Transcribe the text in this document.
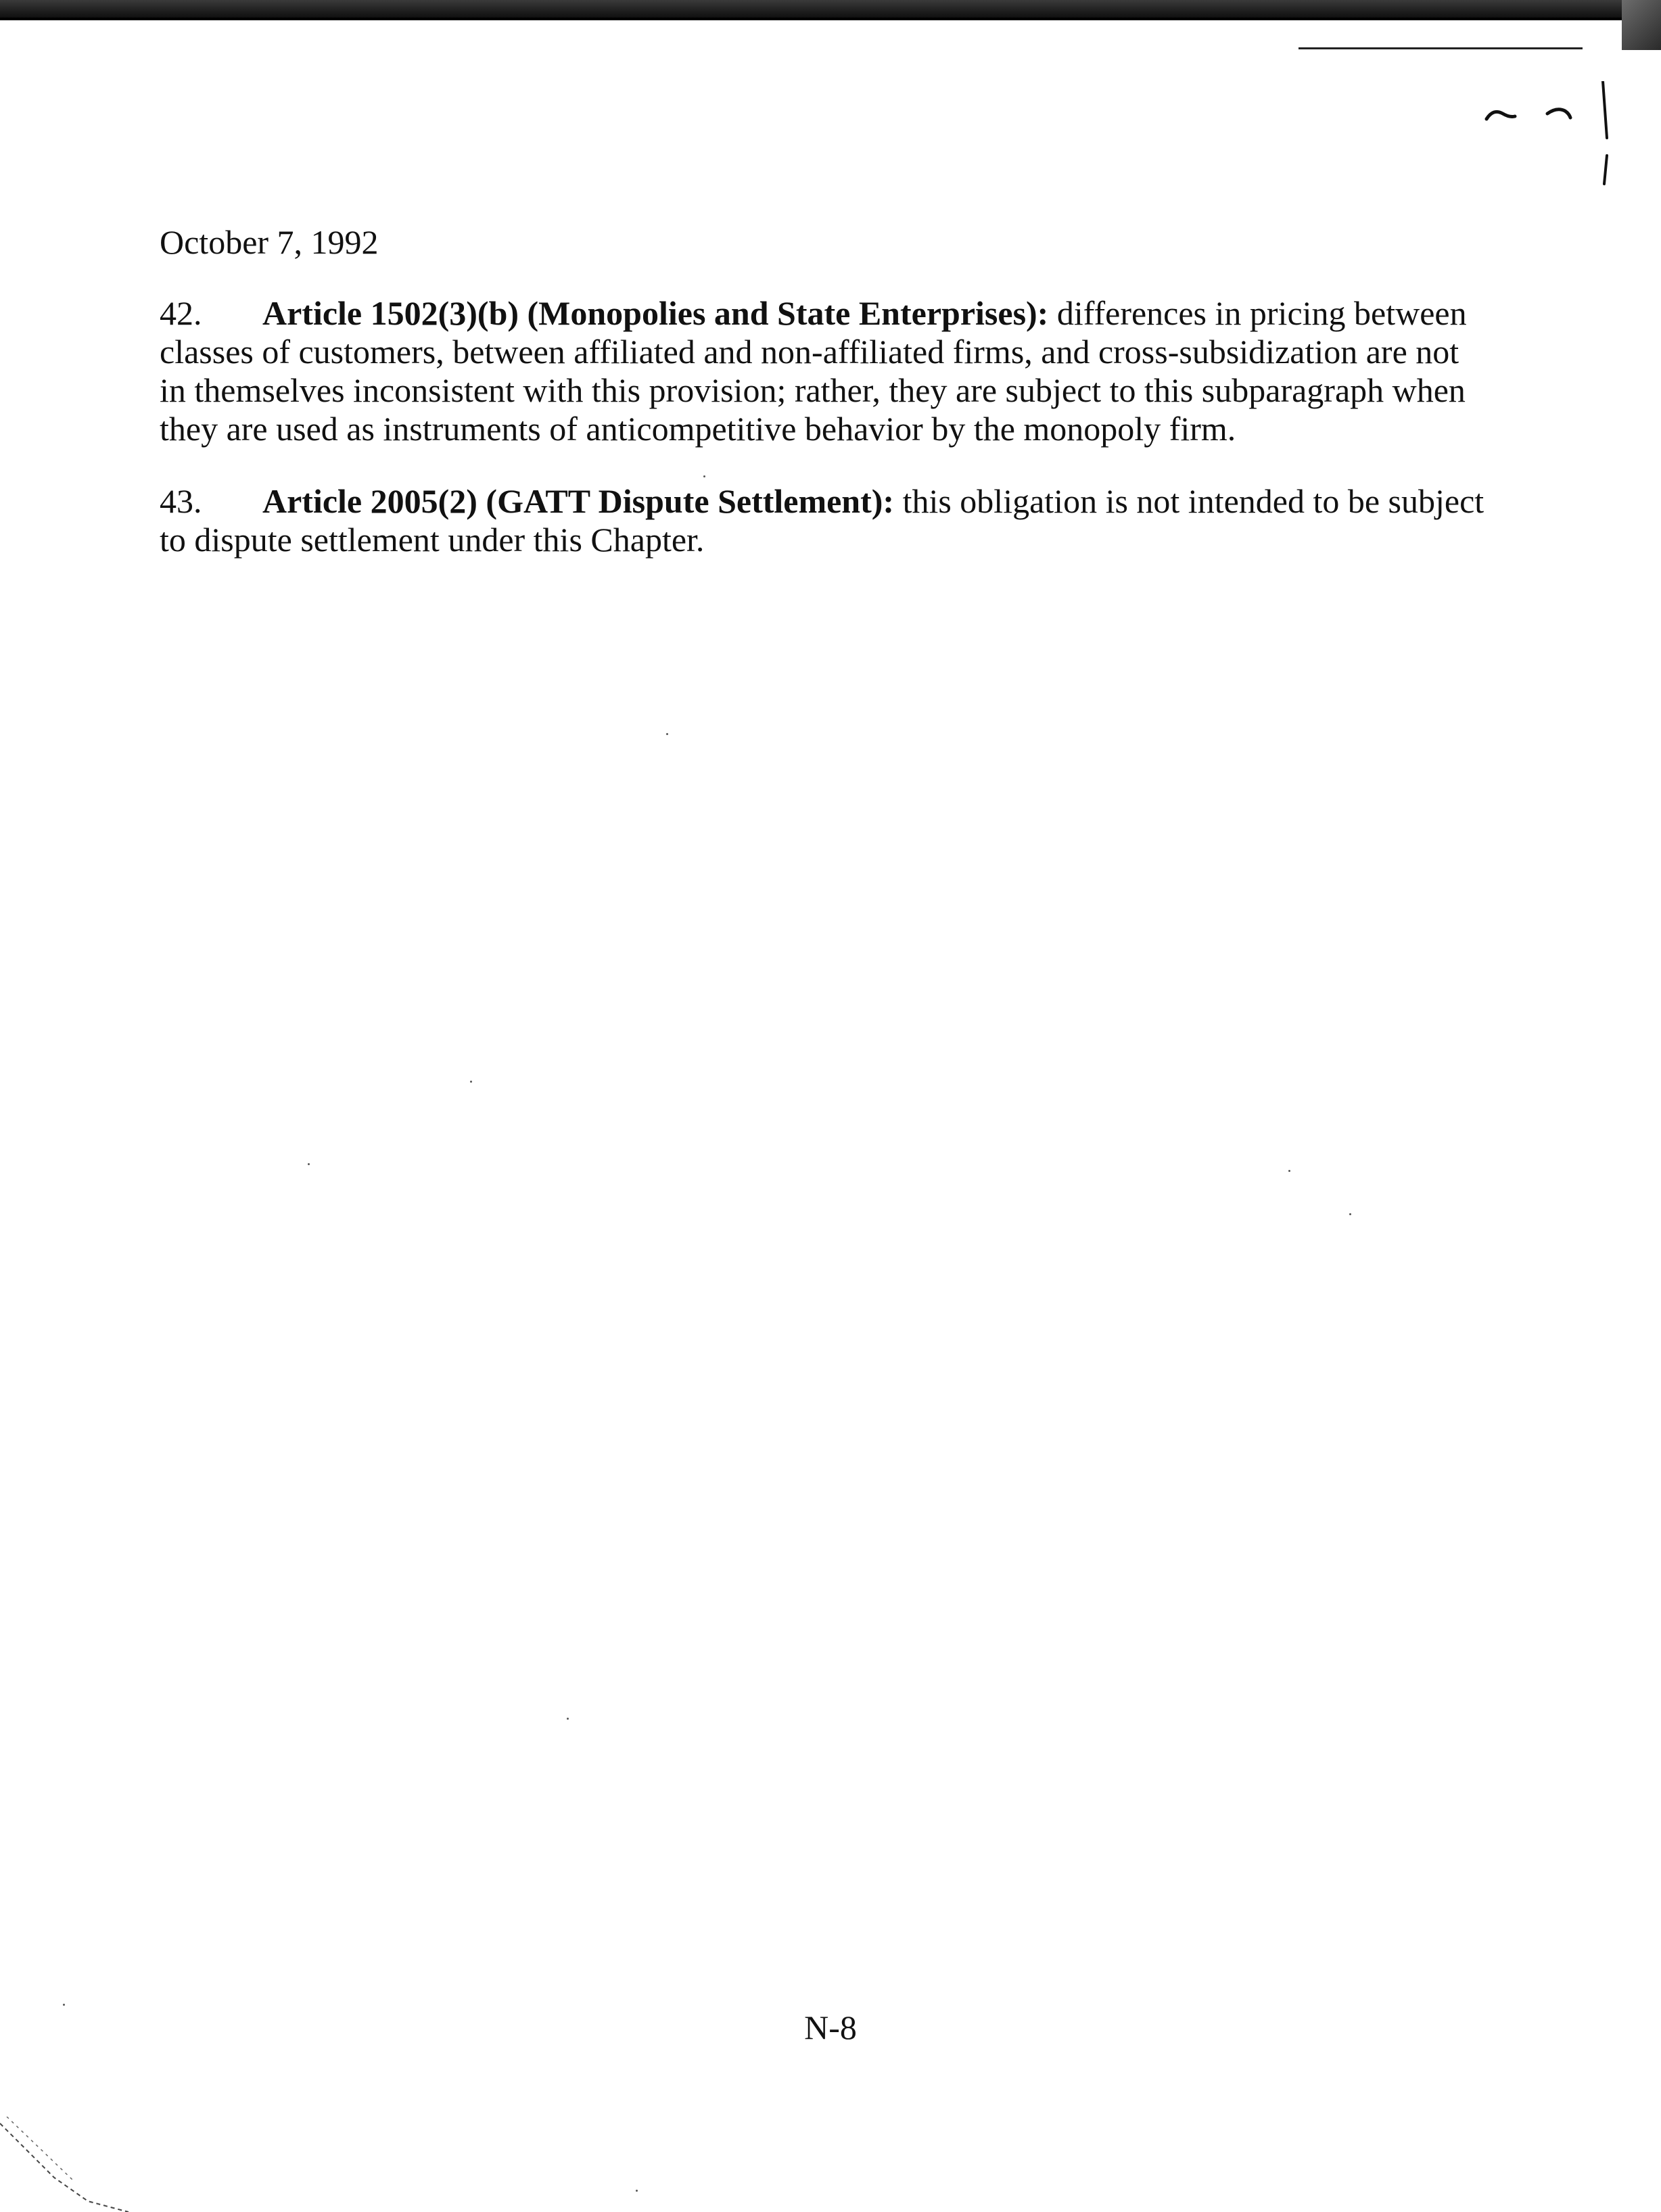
October 7, 1992

42. Article 1502(3)(b) (Monopolies and State Enterprises): differences in pricing between classes of customers, between affiliated and non-affiliated firms, and cross-subsidization are not in themselves inconsistent with this provision; rather, they are subject to this subparagraph when they are used as instruments of anticompetitive behavior by the monopoly firm.

43. Article 2005(2) (GATT Dispute Settlement): this obligation is not intended to be subject to dispute settlement under this Chapter.

N-8
